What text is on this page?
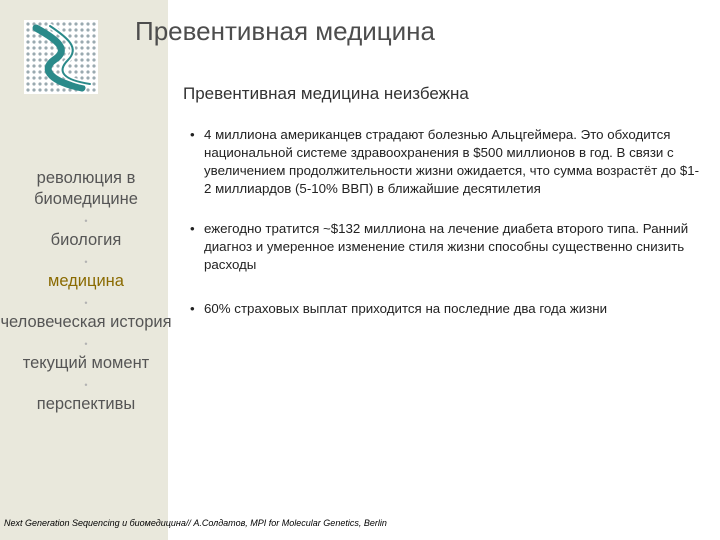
Превентивная медицина
Превентивная медицина неизбежна
революция в биомедицине
•
биология
•
медицина
•
человеческая история
•
текущий момент
•
перспективы
• 4 миллиона американцев страдают болезнью Альцгеймера. Это обходится национальной системе здравоохранения в $500 миллионов в год. В связи с увеличением продолжительности жизни ожидается, что сумма возрастёт до $1-2 миллиардов (5-10% ВВП) в ближайшие десятилетия
• ежегодно тратится ~$132 миллиона на лечение диабета второго типа. Ранний диагноз и умеренное изменение стиля жизни способны существенно снизить расходы
• 60% страховых выплат приходится на последние два года жизни
Next Generation Sequencing и биомедицина// А.Солдатов, MPI for Molecular Genetics, Berlin
